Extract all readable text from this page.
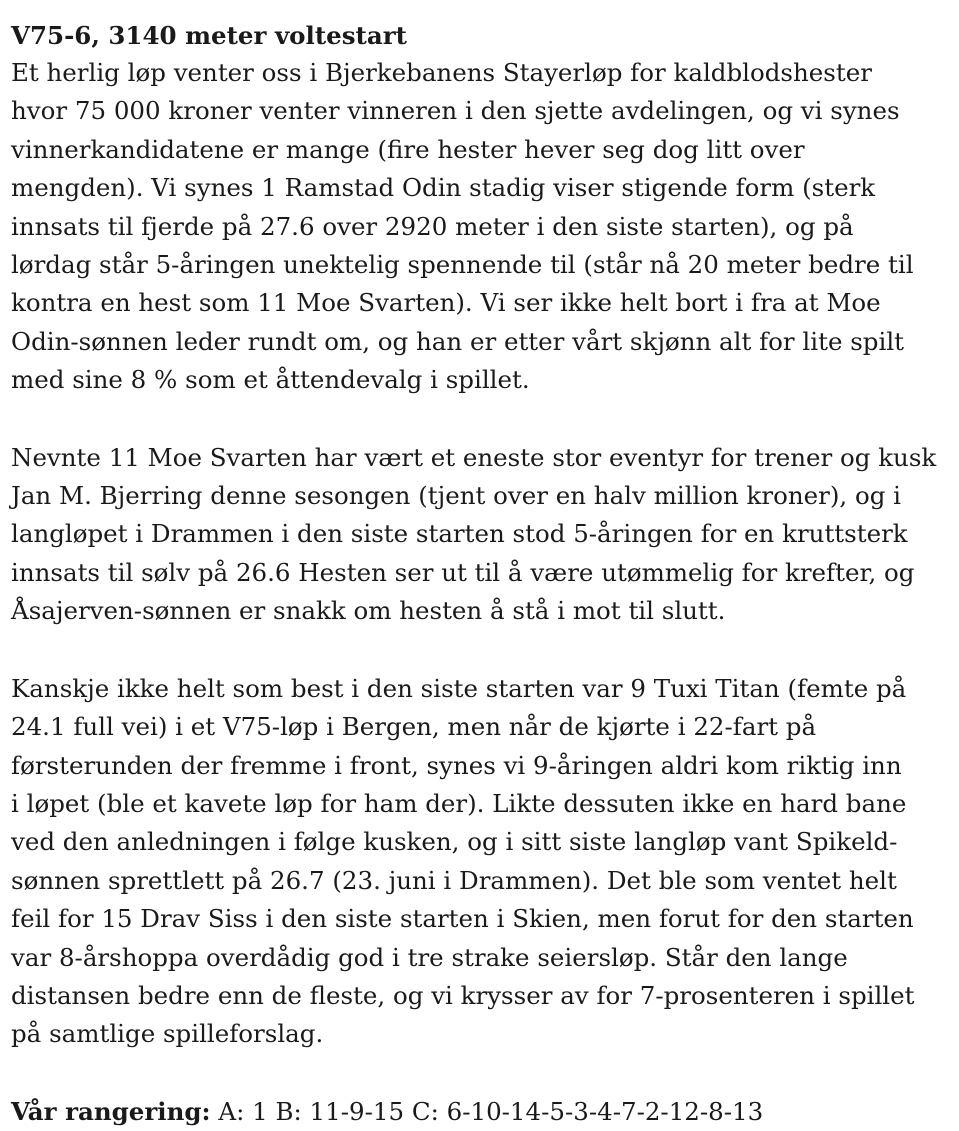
V75-6, 3140 meter voltestart

Et herlig løp venter oss i Bjerkebanens Stayerløp for kaldblodshester
hvor 75 000 kroner venter vinneren i den sjette avdelingen, og vi synes
vinnerkandidatene er mange (fire hester hever seg dog litt over
mengden). Vi synes 1 Ramstad Odin stadig viser stigende form (sterk
innsats til fjerde på 27.6 over 2920 meter i den siste starten), og på
lørdag står 5-åringen unektelig spennende til (står nå 20 meter bedre til
kontra en hest som 11 Moe Svarten). Vi ser ikke helt bort i fra at Moe
Odin-sønnen leder rundt om, og han er etter vårt skjønn alt for lite spilt
med sine 8 % som et åttendevalg i spillet.

Nevnte 11 Moe Svarten har vært et eneste stor eventyr for trener og kusk
Jan M. Bjerring denne sesongen (tjent over en halv million kroner), og i
langløpet i Drammen i den siste starten stod 5-åringen for en kruttsterk
innsats til sølv på 26.6 Hesten ser ut til å være utømmelig for krefter, og
Åsajerven-sønnen er snakk om hesten å stå i mot til slutt.

Kanskje ikke helt som best i den siste starten var 9 Tuxi Titan (femte på
24.1 full vei) i et V75-løp i Bergen, men når de kjørte i 22-fart på
førsterunden der fremme i front, synes vi 9-åringen aldri kom riktig inn
i løpet (ble et kavete løp for ham der). Likte dessuten ikke en hard bane
ved den anledningen i følge kusken, og i sitt siste langløp vant Spikeld-
sønnen sprettlett på 26.7 (23. juni i Drammen). Det ble som ventet helt
feil for 15 Drav Siss i den siste starten i Skien, men forut for den starten
var 8-årshoppa overdådig god i tre strake seiersløp. Står den lange
distansen bedre enn de fleste, og vi krysser av for 7-prosenteren i spillet
på samtlige spilleforslag.

Vår rangering: A: 1 B: 11-9-15 C: 6-10-14-5-3-4-7-2-12-8-13
